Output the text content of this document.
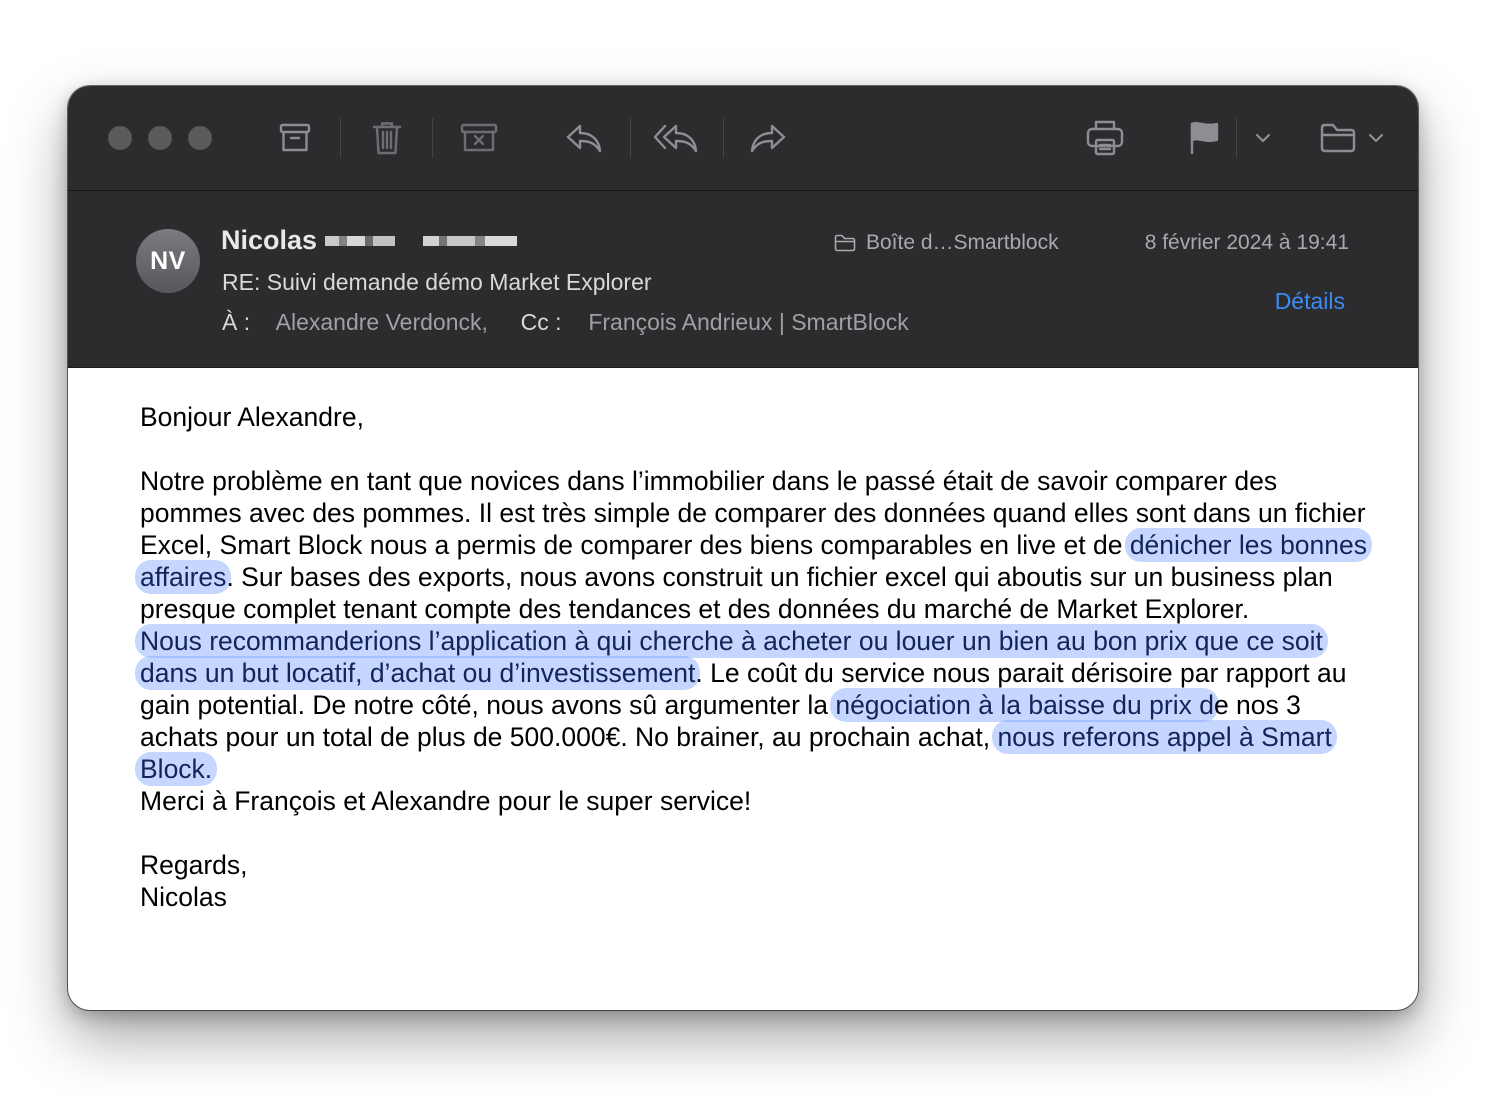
NV
Nicolas
RE: Suivi demande démo Market Explorer
À : Alexandre Verdonck, Cc : François Andrieux | SmartBlock
Boîte d…Smartblock	8 février 2024 à 19:41
Détails

Bonjour Alexandre,

Notre problème en tant que novices dans l’immobilier dans le passé était de savoir comparer des pommes avec des pommes. Il est très simple de comparer des données quand elles sont dans un fichier Excel, Smart Block nous a permis de comparer des biens comparables en live et de dénicher les bonnes affaires. Sur bases des exports, nous avons construit un fichier excel qui aboutis sur un business plan presque complet tenant compte des tendances et des données du marché de Market Explorer.

Nous recommanderions l’application à qui cherche à acheter ou louer un bien au bon prix que ce soit dans un but locatif, d’achat ou d’investissement. Le coût du service nous parait dérisoire par rapport au gain potential. De notre côté, nous avons sû argumenter la négociation à la baisse du prix de nos 3 achats pour un total de plus de 500.000€. No brainer, au prochain achat, nous referons appel à Smart Block.

Merci à François et Alexandre pour le super service!

Regards,

Nicolas
